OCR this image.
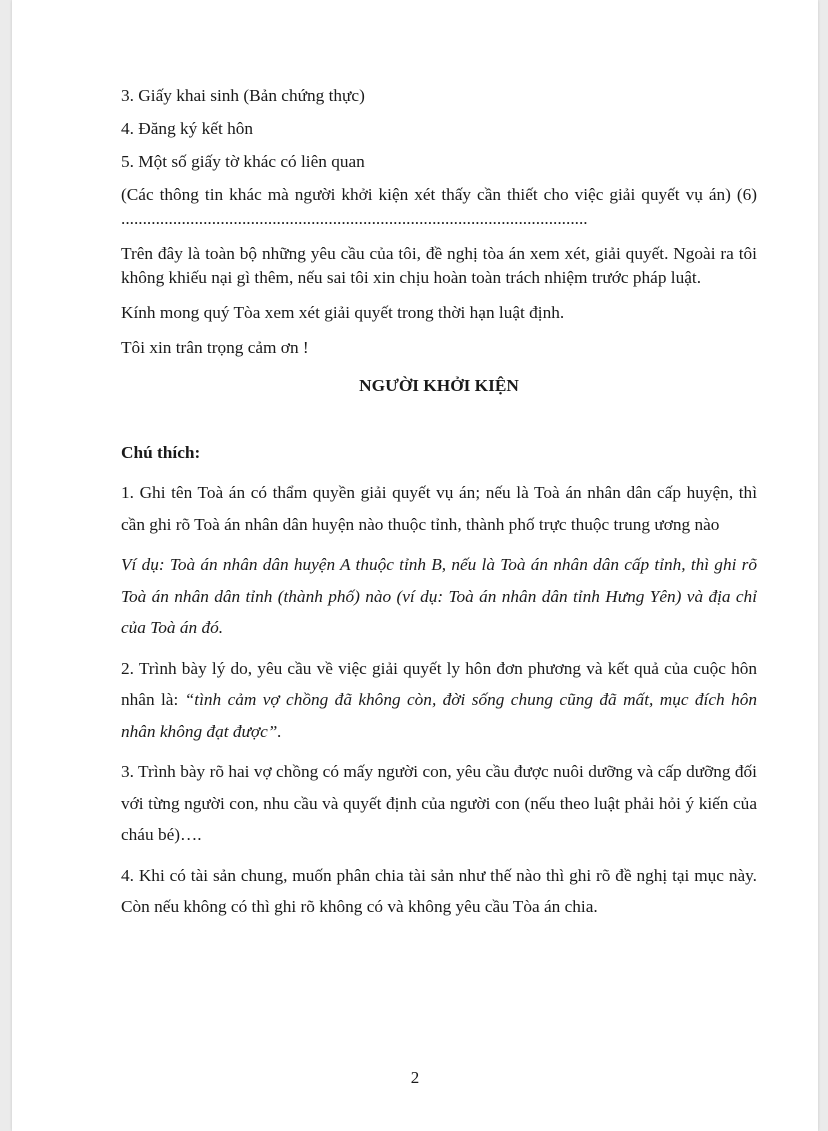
3. Giấy khai sinh (Bản chứng thực)

4. Đăng ký kết hôn

5. Một số giấy tờ khác có liên quan

(Các thông tin khác mà người khởi kiện xét thấy cần thiết cho việc giải quyết vụ án) (6) ............................................................................................................

Trên đây là toàn bộ những yêu cầu của tôi, đề nghị tòa án xem xét, giải quyết. Ngoài ra tôi không khiếu nại gì thêm, nếu sai tôi xin chịu hoàn toàn trách nhiệm trước pháp luật.

Kính mong quý Tòa xem xét giải quyết trong thời hạn luật định.

Tôi xin trân trọng cảm ơn !

NGƯỜI KHỞI KIỆN

Chú thích:

1. Ghi tên Toà án có thẩm quyền giải quyết vụ án; nếu là Toà án nhân dân cấp huyện, thì cần ghi rõ Toà án nhân dân huyện nào thuộc tỉnh, thành phố trực thuộc trung ương nào

Ví dụ: Toà án nhân dân huyện A thuộc tỉnh B, nếu là Toà án nhân dân cấp tỉnh, thì ghi rõ Toà án nhân dân tỉnh (thành phố) nào (ví dụ: Toà án nhân dân tỉnh Hưng Yên) và địa chỉ của Toà án đó.

2. Trình bày lý do, yêu cầu về việc giải quyết ly hôn đơn phương và kết quả của cuộc hôn nhân là: “tình cảm vợ chồng đã không còn, đời sống chung cũng đã mất, mục đích hôn nhân không đạt được”.

3. Trình bày rõ hai vợ chồng có mấy người con, yêu cầu được nuôi dưỡng và cấp dưỡng đối với từng người con, nhu cầu và quyết định của người con (nếu theo luật phải hỏi ý kiến của cháu bé)….

4. Khi có tài sản chung, muốn phân chia tài sản như thế nào thì ghi rõ đề nghị tại mục này. Còn nếu không có thì ghi rõ không có và không yêu cầu Tòa án chia.

2
